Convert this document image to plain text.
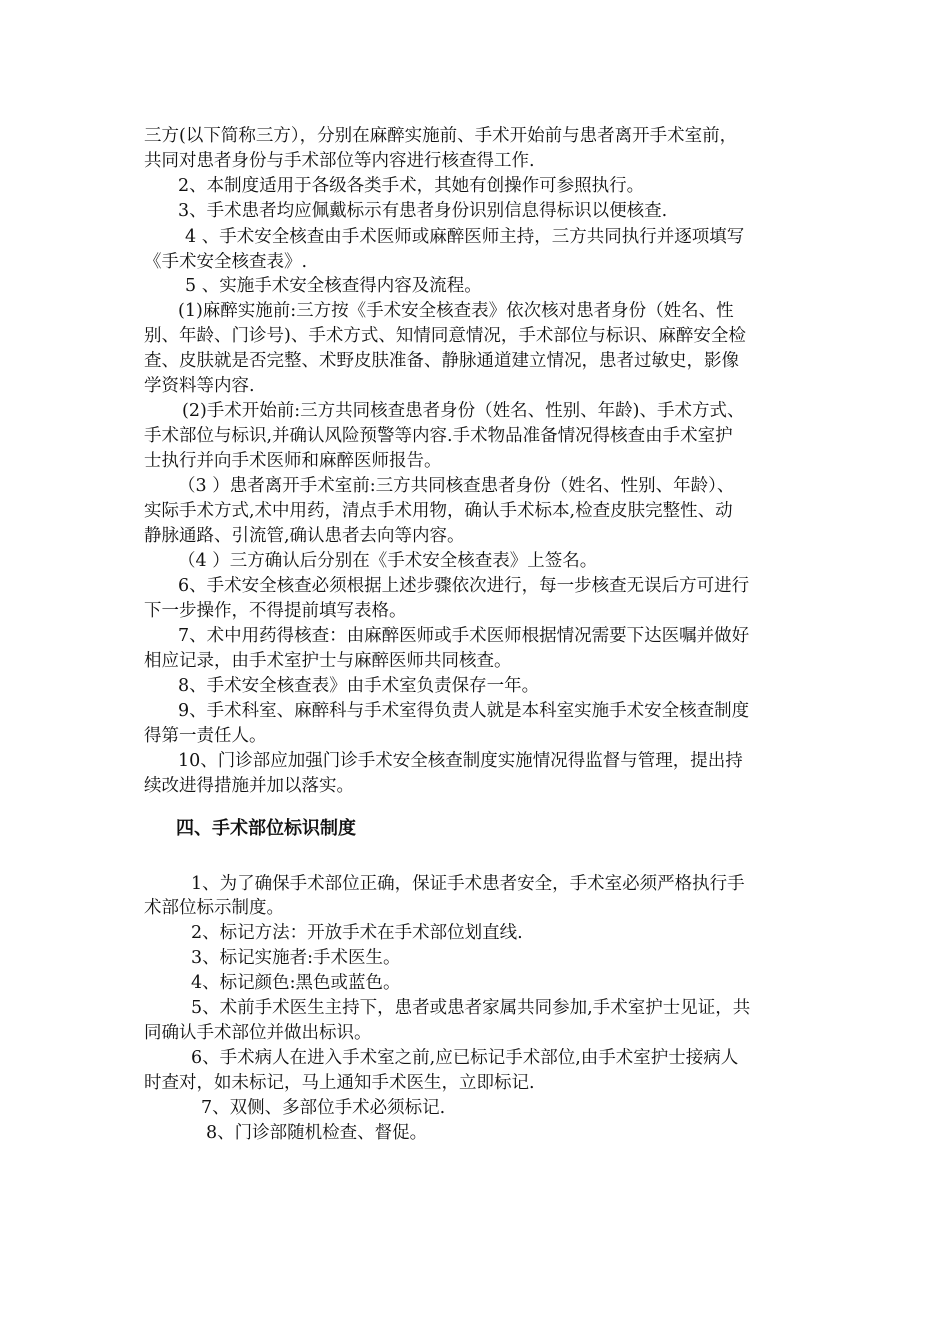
三方(以下简称三方），分别在麻醉实施前、手术开始前与患者离开手术室前，
共同对患者身份与手术部位等内容进行核查得工作.
2、本制度适用于各级各类手术，其她有创操作可参照执行。
3、手术患者均应佩戴标示有患者身份识别信息得标识以便核查.
4 、手术安全核查由手术医师或麻醉医师主持，三方共同执行并逐项填写
《手术安全核查表》.
5 、实施手术安全核查得内容及流程。
(1)麻醉实施前:三方按《手术安全核查表》依次核对患者身份（姓名、性
别、年龄、门诊号)、手术方式、知情同意情况，手术部位与标识、麻醉安全检
查、皮肤就是否完整、术野皮肤准备、静脉通道建立情况，患者过敏史，影像
学资料等内容.
(2)手术开始前:三方共同核查患者身份（姓名、性别、年龄)、手术方式、
手术部位与标识,并确认风险预警等内容.手术物品准备情况得核查由手术室护
士执行并向手术医师和麻醉医师报告。
（3 ）患者离开手术室前:三方共同核查患者身份（姓名、性别、年龄）、
实际手术方式,术中用药，清点手术用物，确认手术标本,检查皮肤完整性、动
静脉通路、引流管,确认患者去向等内容。
（4 ）三方确认后分别在《手术安全核查表》上签名。
6、手术安全核查必须根据上述步骤依次进行，每一步核查无误后方可进行
下一步操作，不得提前填写表格。
7、术中用药得核查：由麻醉医师或手术医师根据情况需要下达医嘱并做好
相应记录，由手术室护士与麻醉医师共同核查。
8、手术安全核查表》由手术室负责保存一年。
9、手术科室、麻醉科与手术室得负责人就是本科室实施手术安全核查制度
得第一责任人。
10、门诊部应加强门诊手术安全核查制度实施情况得监督与管理，提出持
续改进得措施并加以落实。
四、手术部位标识制度
1、为了确保手术部位正确，保证手术患者安全，手术室必须严格执行手
术部位标示制度。
2、标记方法：开放手术在手术部位划直线.
3、标记实施者:手术医生。
4、标记颜色:黑色或蓝色。
5、术前手术医生主持下，患者或患者家属共同参加,手术室护士见证，共
同确认手术部位并做出标识。
6、手术病人在进入手术室之前,应已标记手术部位,由手术室护士接病人
时查对，如未标记，马上通知手术医生，立即标记.
7、双侧、多部位手术必须标记.
8、门诊部随机检查、督促。
